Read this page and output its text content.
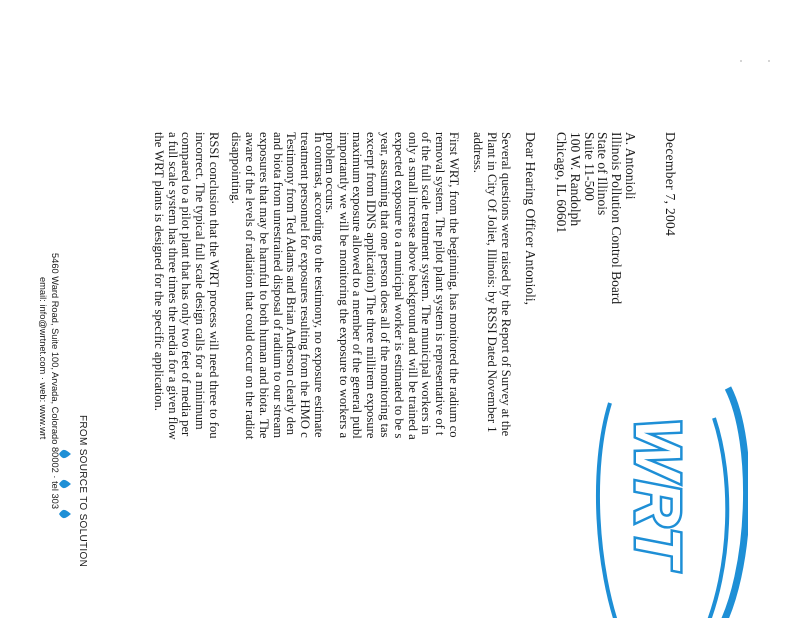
WRT
December 7, 2004
A. Antonioli
Illinois Pollution Control Board
State of Illinois
Suite 11-500
100 W. Randolph
Chicago, IL 60601
Dear Hearing Officer Antonioli,
Several questions were raised by the Report of Survey at the
Plant in City Of Joliet, Illinois: by RSSI Dated November 1
address.
First WRT, from the beginning, has monitored the radium co
removal system. The pilot plant system is representative of t
of the full scale treatment system. The municipal workers in
only a small increase above background and will be trained a
expected exposure to a municipal worker is estimated to be s
year, assuming that one person does all of the monitoring tas
excerpt from IDNS application) The three millirem exposure
maximum exposure allowed to a member of the general publ
importantly we will be monitoring the exposure to workers a
problem occurs.
In contrast, according to the testimony, no exposure estimate
treatment personnel for exposures resulting from the HMO c
Testimony from Ted Adams and Brian Anderson clearly den
and biota from unrestrained disposal of radium to our stream
exposures that may be harmful to both human and biota. The
aware of the levels of radiation that could occur on the radiot
disappointing.
RSSI conclusion that the WRT process will need three to fou
incorrect. The typical full scale design calls for a minimum
compared to a pilot plant that has only two feet of media per
a full scale system has three times the media for a given flow
the WRT plants is designed for the specific application.
FROM SOURCE TO SOLUTION
5460 Ward Road, Suite 100, Arvada, Colorado 80002 · tel 303
email: info@wrtnet.com · web: www.wrt
